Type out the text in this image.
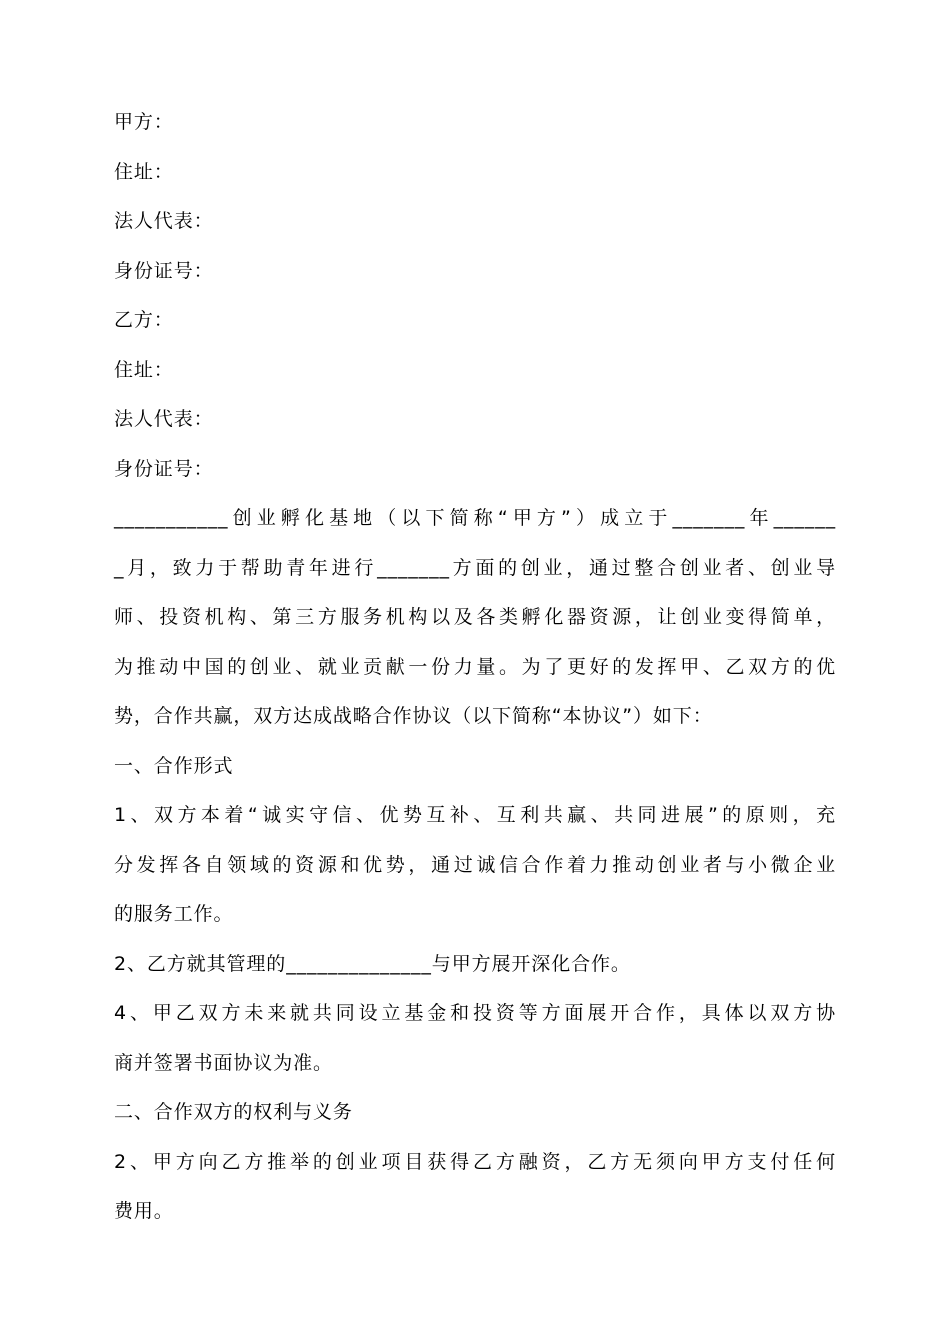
甲方：
住址：
法人代表：
身份证号：
乙方：
住址：
法人代表：
身份证号：
___________创业孵化基地（以下简称“甲方”）成立于_______年______
_月，致力于帮助青年进行_______方面的创业，通过整合创业者、创业导
师、投资机构、第三方服务机构以及各类孵化器资源，让创业变得简单，
为推动中国的创业、就业贡献一份力量。为了更好的发挥甲、乙双方的优
势，合作共赢，双方达成战略合作协议（以下简称“本协议”）如下：
一、合作形式
1、双方本着“诚实守信、优势互补、互利共赢、共同进展”的原则，充
分发挥各自领域的资源和优势，通过诚信合作着力推动创业者与小微企业
的服务工作。
2、乙方就其管理的______________与甲方展开深化合作。
4、甲乙双方未来就共同设立基金和投资等方面展开合作，具体以双方协
商并签署书面协议为准。
二、合作双方的权利与义务
2、甲方向乙方推举的创业项目获得乙方融资，乙方无须向甲方支付任何
费用。
